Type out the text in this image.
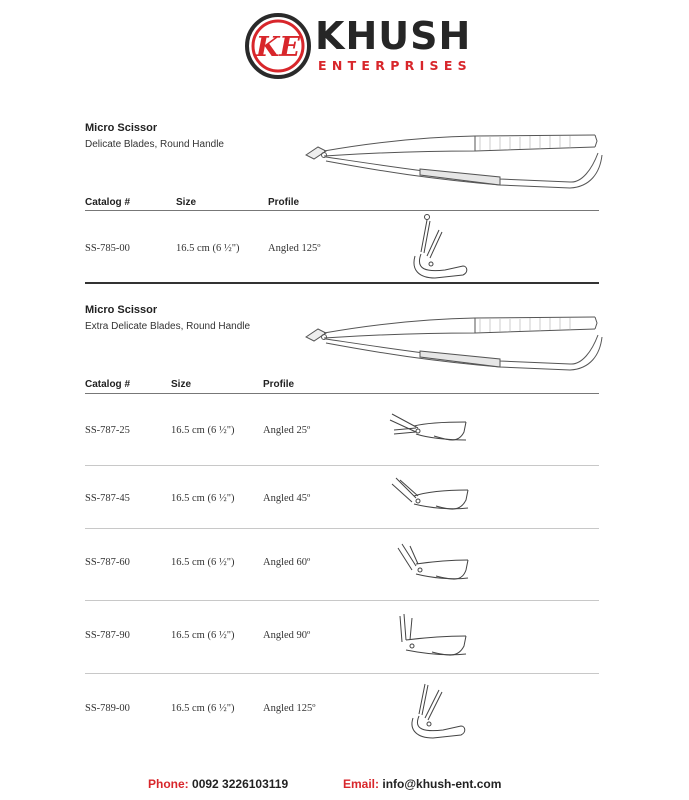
KE KHUSH
ENTERPRISES
Micro Scissor
Delicate Blades, Round Handle
Catalog #	Size	Profile
SS-785-00	16.5 cm (6 ½")	Angled 125º
Micro Scissor
Extra Delicate Blades, Round Handle
Catalog #	Size	Profile
SS-787-25	16.5 cm (6 ½")	Angled 25º
SS-787-45	16.5 cm (6 ½")	Angled 45º
SS-787-60	16.5 cm (6 ½")	Angled 60º
SS-787-90	16.5 cm (6 ½")	Angled 90º
SS-789-00	16.5 cm (6 ½")	Angled 125º
Phone: 0092 3226103119	Email: info@khush-ent.com
